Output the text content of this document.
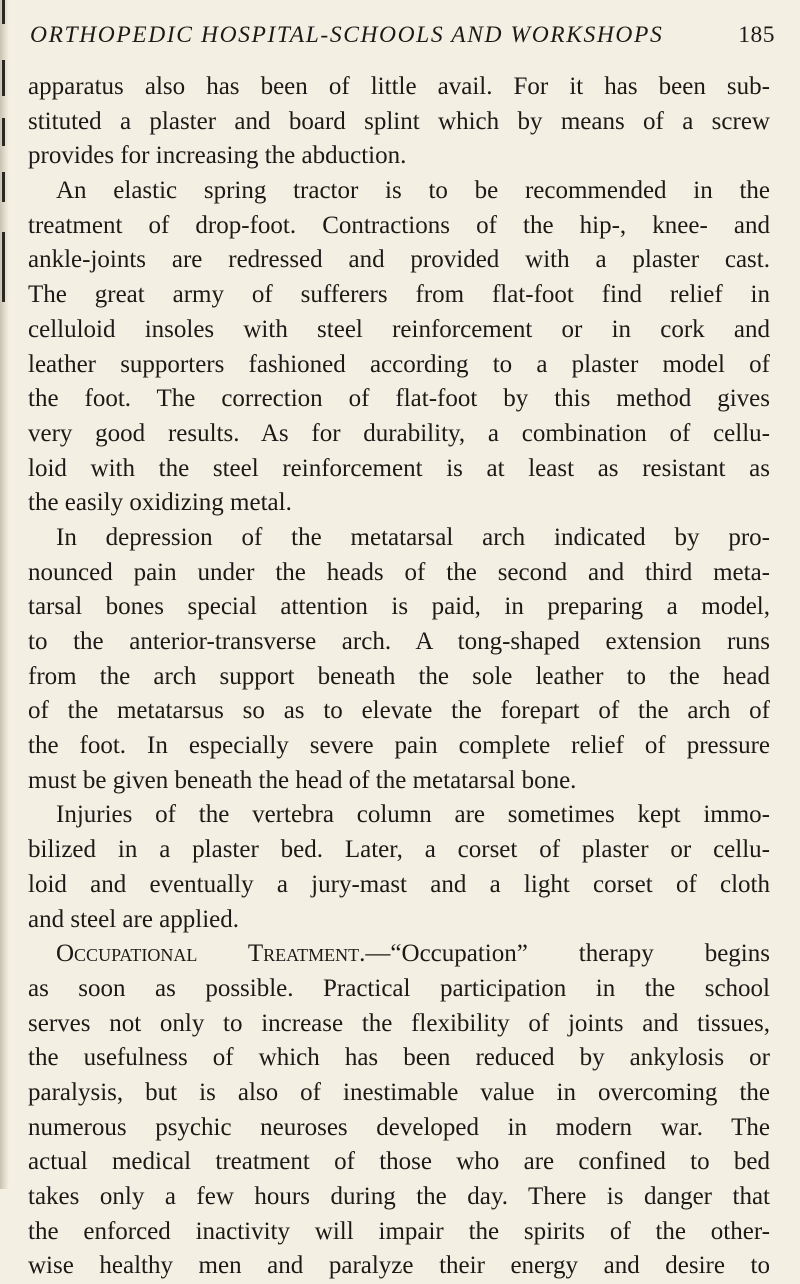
ORTHOPEDIC HOSPITAL-SCHOOLS AND WORKSHOPS	185
apparatus also has been of little avail. For it has been sub-
stituted a plaster and board splint which by means of a screw
provides for increasing the abduction.
An elastic spring tractor is to be recommended in the
treatment of drop-foot. Contractions of the hip-, knee- and
ankle-joints are redressed and provided with a plaster cast.
The great army of sufferers from flat-foot find relief in
celluloid insoles with steel reinforcement or in cork and
leather supporters fashioned according to a plaster model of
the foot. The correction of flat-foot by this method gives
very good results. As for durability, a combination of cellu-
loid with the steel reinforcement is at least as resistant as
the easily oxidizing metal.
In depression of the metatarsal arch indicated by pro-
nounced pain under the heads of the second and third meta-
tarsal bones special attention is paid, in preparing a model,
to the anterior-transverse arch. A tong-shaped extension runs
from the arch support beneath the sole leather to the head
of the metatarsus so as to elevate the forepart of the arch of
the foot. In especially severe pain complete relief of pressure
must be given beneath the head of the metatarsal bone.
Injuries of the vertebra column are sometimes kept immo-
bilized in a plaster bed. Later, a corset of plaster or cellu-
loid and eventually a jury-mast and a light corset of cloth
and steel are applied.
Occupational Treatment.—“Occupation” therapy begins
as soon as possible. Practical participation in the school
serves not only to increase the flexibility of joints and tissues,
the usefulness of which has been reduced by ankylosis or
paralysis, but is also of inestimable value in overcoming the
numerous psychic neuroses developed in modern war. The
actual medical treatment of those who are confined to bed
takes only a few hours during the day. There is danger that
the enforced inactivity will impair the spirits of the other-
wise healthy men and paralyze their energy and desire to
